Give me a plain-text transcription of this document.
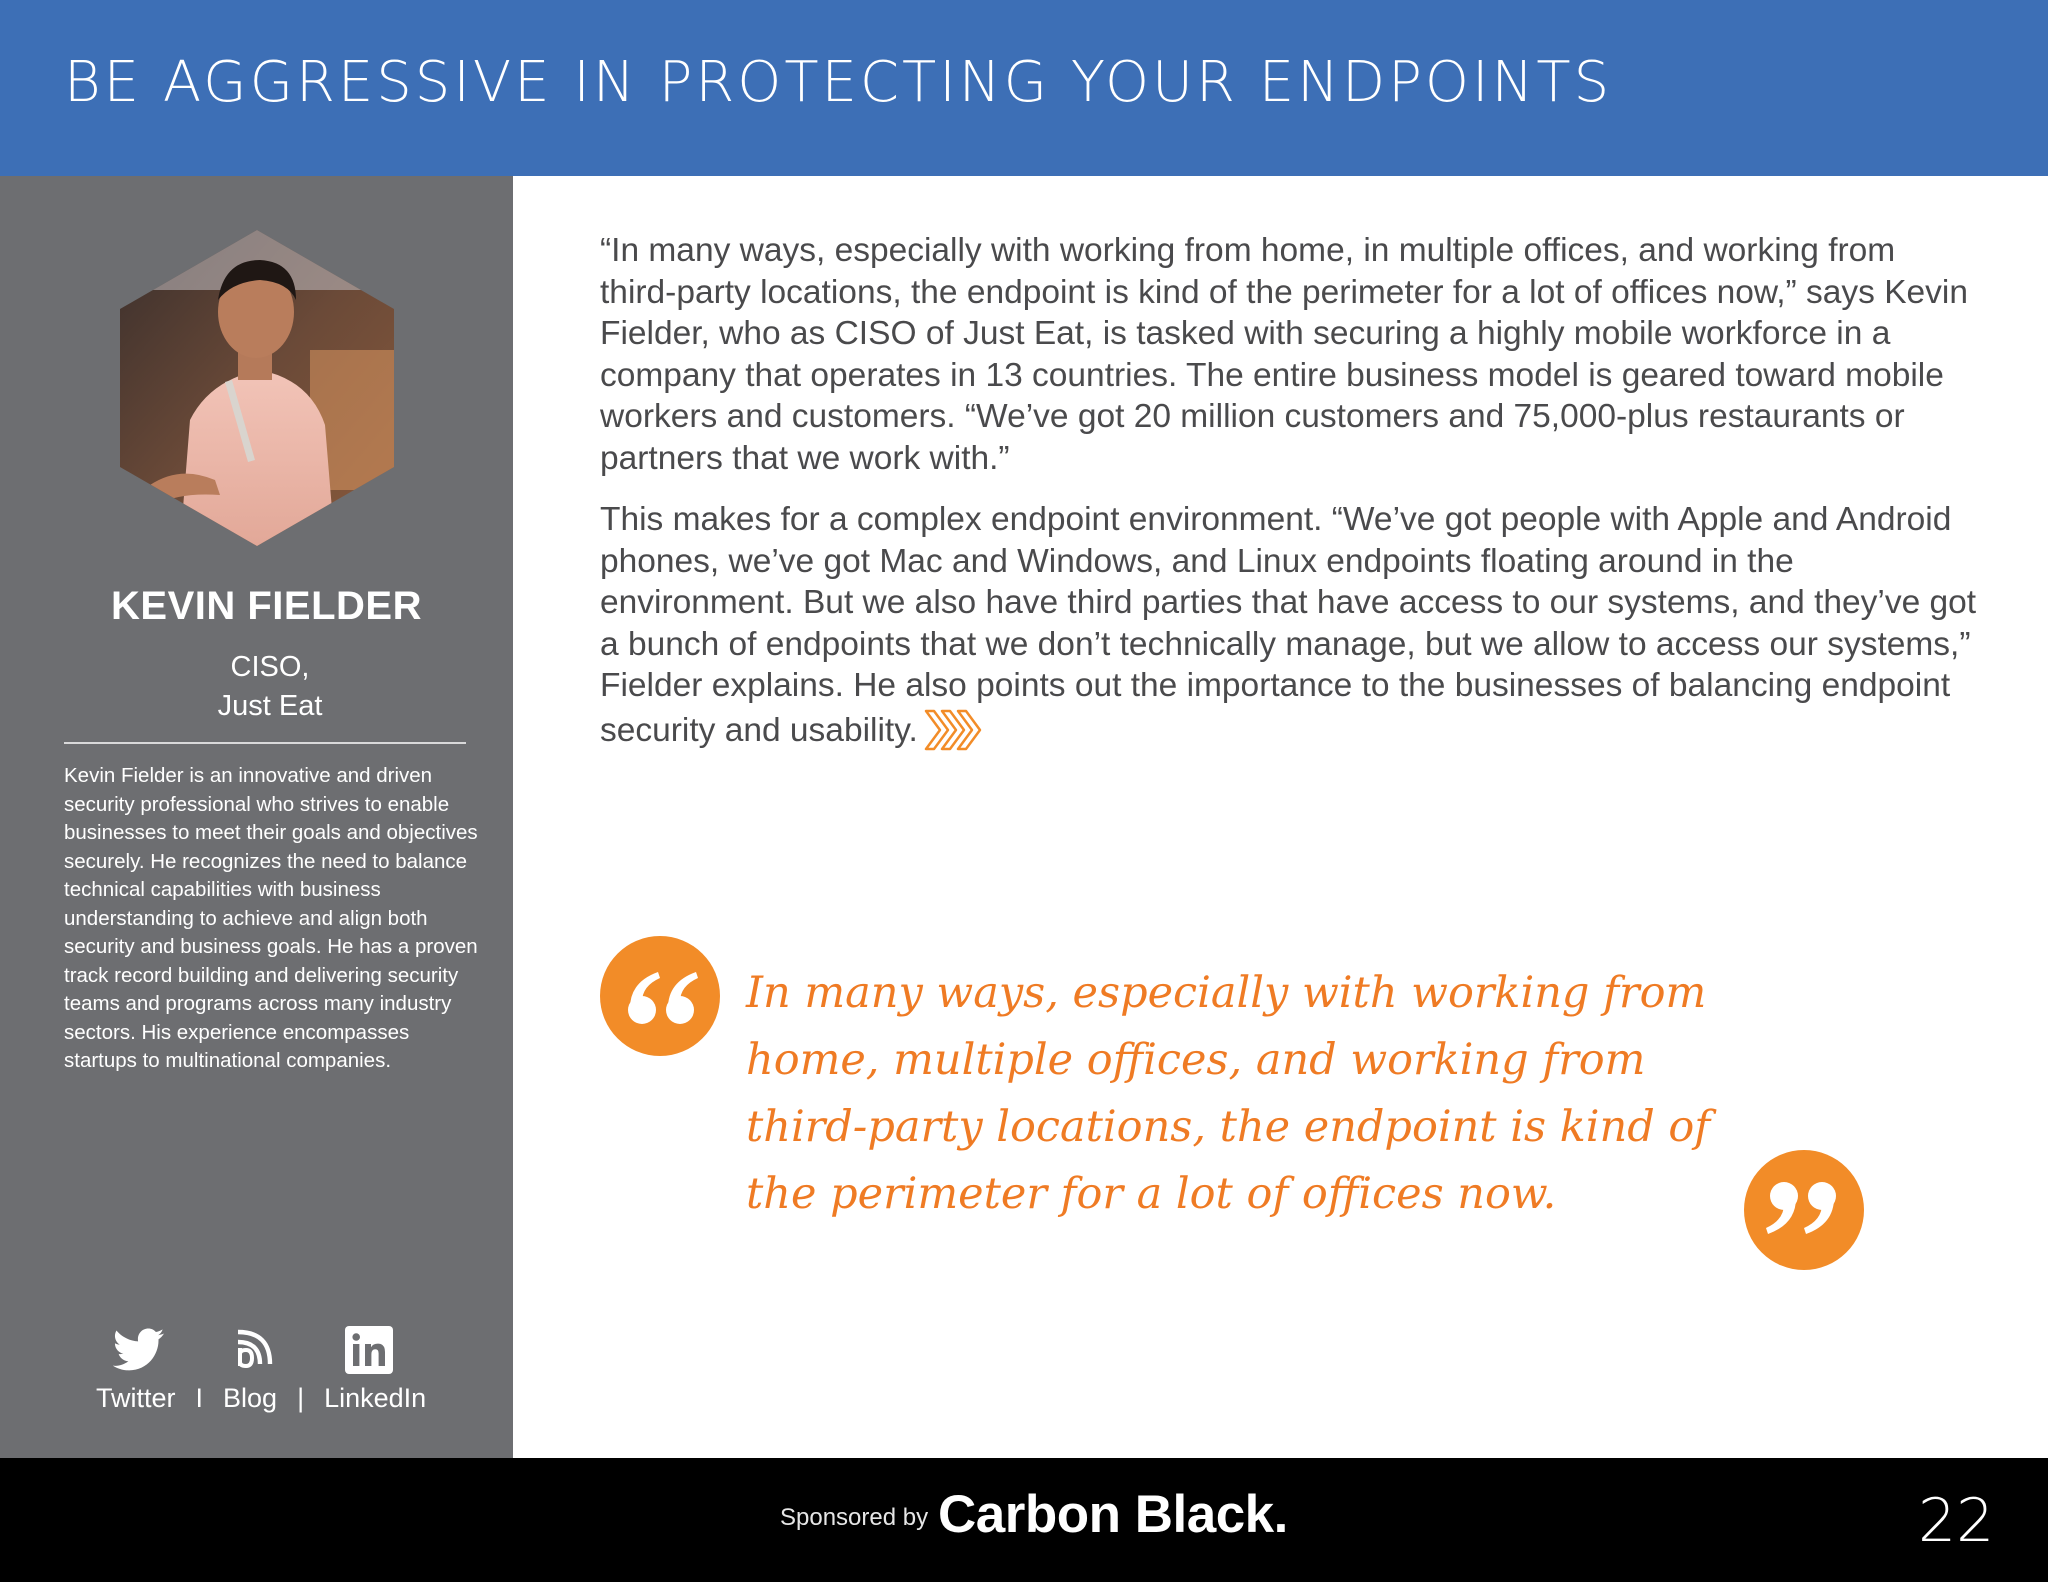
BE AGGRESSIVE IN PROTECTING YOUR ENDPOINTS
KEVIN FIELDER
CISO,
Just Eat
Kevin Fielder is an innovative and driven security professional who strives to enable businesses to meet their goals and objectives securely. He recognizes the need to balance technical capabilities with business understanding to achieve and align both security and business goals. He has a proven track record building and delivering security teams and programs across many industry sectors. His experience encompasses startups to multinational companies.
Twitter I Blog | LinkedIn
“In many ways, especially with working from home, in multiple offices, and working from third-party locations, the endpoint is kind of the perimeter for a lot of offices now,” says Kevin Fielder, who as CISO of Just Eat, is tasked with securing a highly mobile workforce in a company that operates in 13 countries. The entire business model is geared toward mobile workers and customers. “We’ve got 20 million customers and 75,000-plus restaurants or partners that we work with.”
This makes for a complex endpoint environment. “We’ve got people with Apple and Android phones, we’ve got Mac and Windows, and Linux endpoints floating around in the environment. But we also have third parties that have access to our systems, and they’ve got a bunch of endpoints that we don’t technically manage, but we allow to access our systems,” Fielder explains. He also points out the importance to the businesses of balancing endpoint security and usability.
In many ways, especially with working from home, multiple offices, and working from third-party locations, the endpoint is kind of the perimeter for a lot of offices now.
Sponsored by Carbon Black.	22
